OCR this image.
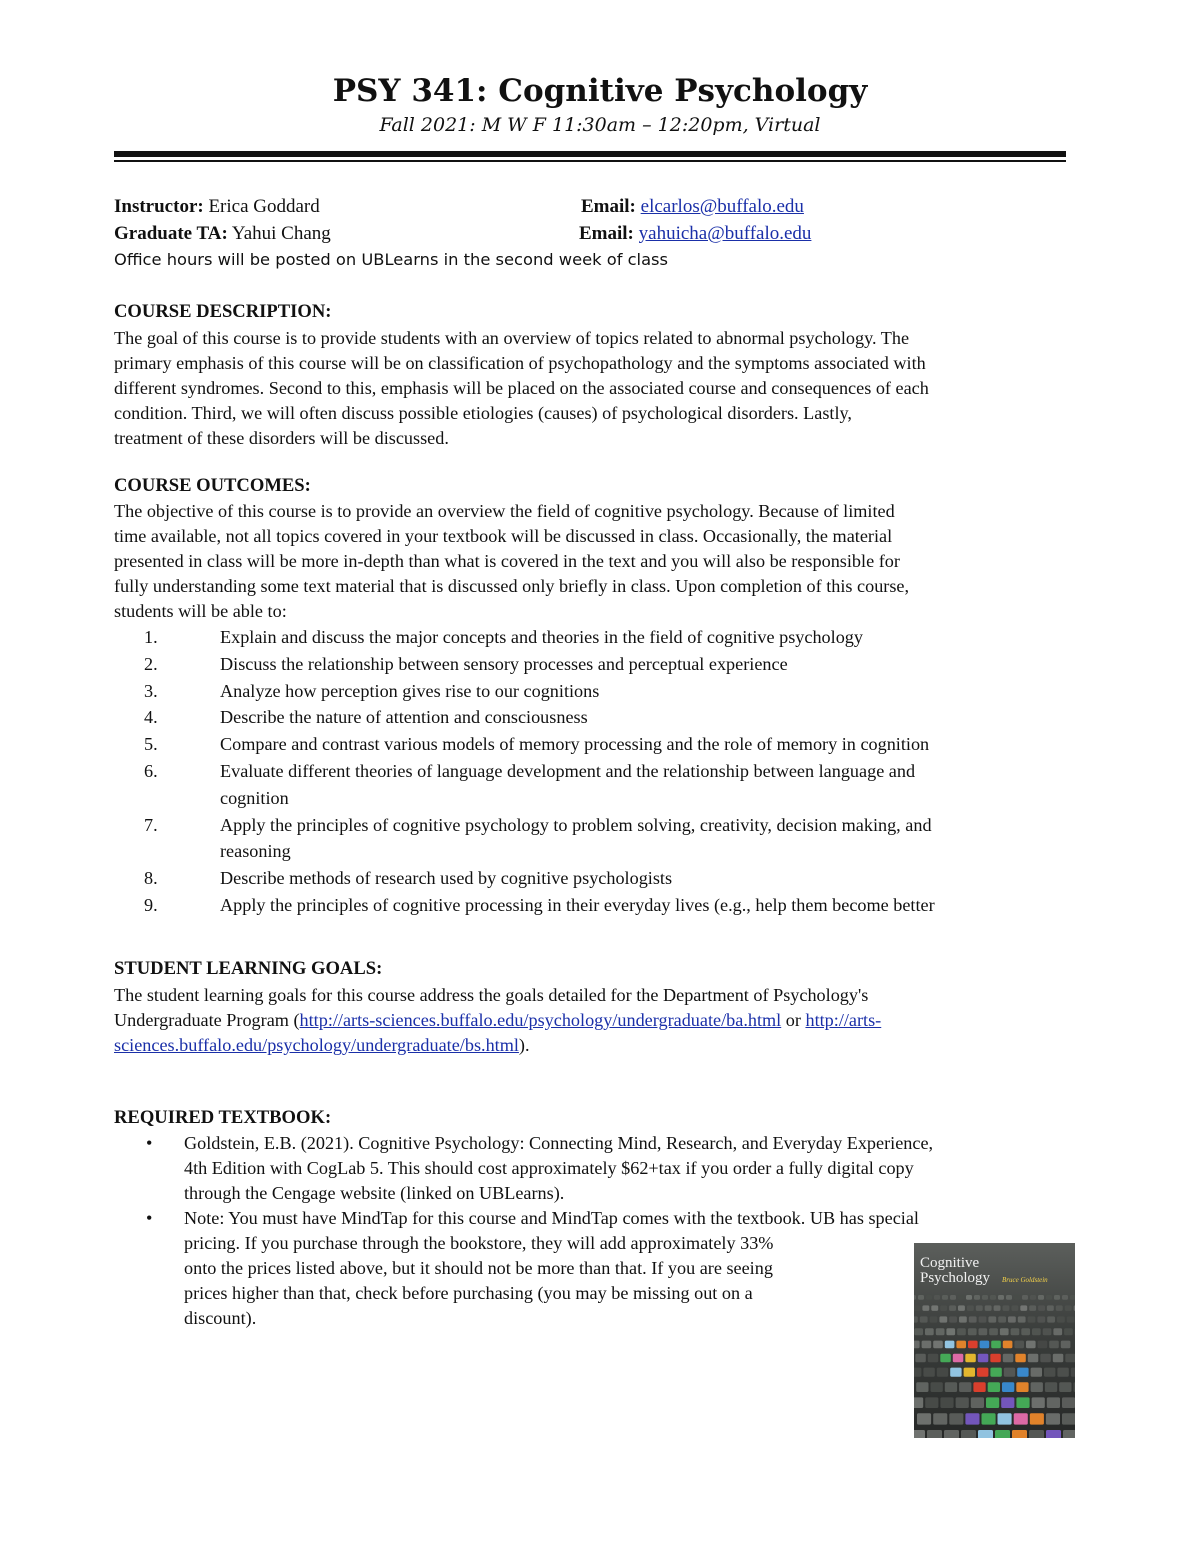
PSY 341: Cognitive Psychology
Fall 2021: M W F 11:30am – 12:20pm, Virtual
Instructor: Erica Goddard	Email: elcarlos@buffalo.edu
Graduate TA: Yahui Chang	Email: yahuicha@buffalo.edu
Office hours will be posted on UBLearns in the second week of class
COURSE DESCRIPTION:
The goal of this course is to provide students with an overview of topics related to abnormal psychology. The
primary emphasis of this course will be on classification of psychopathology and the symptoms associated with
different syndromes. Second to this, emphasis will be placed on the associated course and consequences of each
condition. Third, we will often discuss possible etiologies (causes) of psychological disorders. Lastly,
treatment of these disorders will be discussed.
COURSE OUTCOMES:
The objective of this course is to provide an overview the field of cognitive psychology. Because of limited
time available, not all topics covered in your textbook will be discussed in class. Occasionally, the material
presented in class will be more in-depth than what is covered in the text and you will also be responsible for
fully understanding some text material that is discussed only briefly in class. Upon completion of this course,
students will be able to:
1.	Explain and discuss the major concepts and theories in the field of cognitive psychology
2.	Discuss the relationship between sensory processes and perceptual experience
3.	Analyze how perception gives rise to our cognitions
4.	Describe the nature of attention and consciousness
5.	Compare and contrast various models of memory processing and the role of memory in cognition
6.	Evaluate different theories of language development and the relationship between language and
cognition
7.	Apply the principles of cognitive psychology to problem solving, creativity, decision making, and
reasoning
8.	Describe methods of research used by cognitive psychologists
9.	Apply the principles of cognitive processing in their everyday lives (e.g., help them become better
STUDENT LEARNING GOALS:
The student learning goals for this course address the goals detailed for the Department of Psychology's
Undergraduate Program (http://arts-sciences.buffalo.edu/psychology/undergraduate/ba.html or http://arts-
sciences.buffalo.edu/psychology/undergraduate/bs.html).
REQUIRED TEXTBOOK:
• Goldstein, E.B. (2021). Cognitive Psychology: Connecting Mind, Research, and Everyday Experience,
4th Edition with CogLab 5. This should cost approximately $62+tax if you order a fully digital copy
through the Cengage website (linked on UBLearns).
• Note: You must have MindTap for this course and MindTap comes with the textbook. UB has special
pricing. If you purchase through the bookstore, they will add approximately 33%
onto the prices listed above, but it should not be more than that. If you are seeing
prices higher than that, check before purchasing (you may be missing out on a
discount).
Cognitive
Psychology Bruce Goldstein
